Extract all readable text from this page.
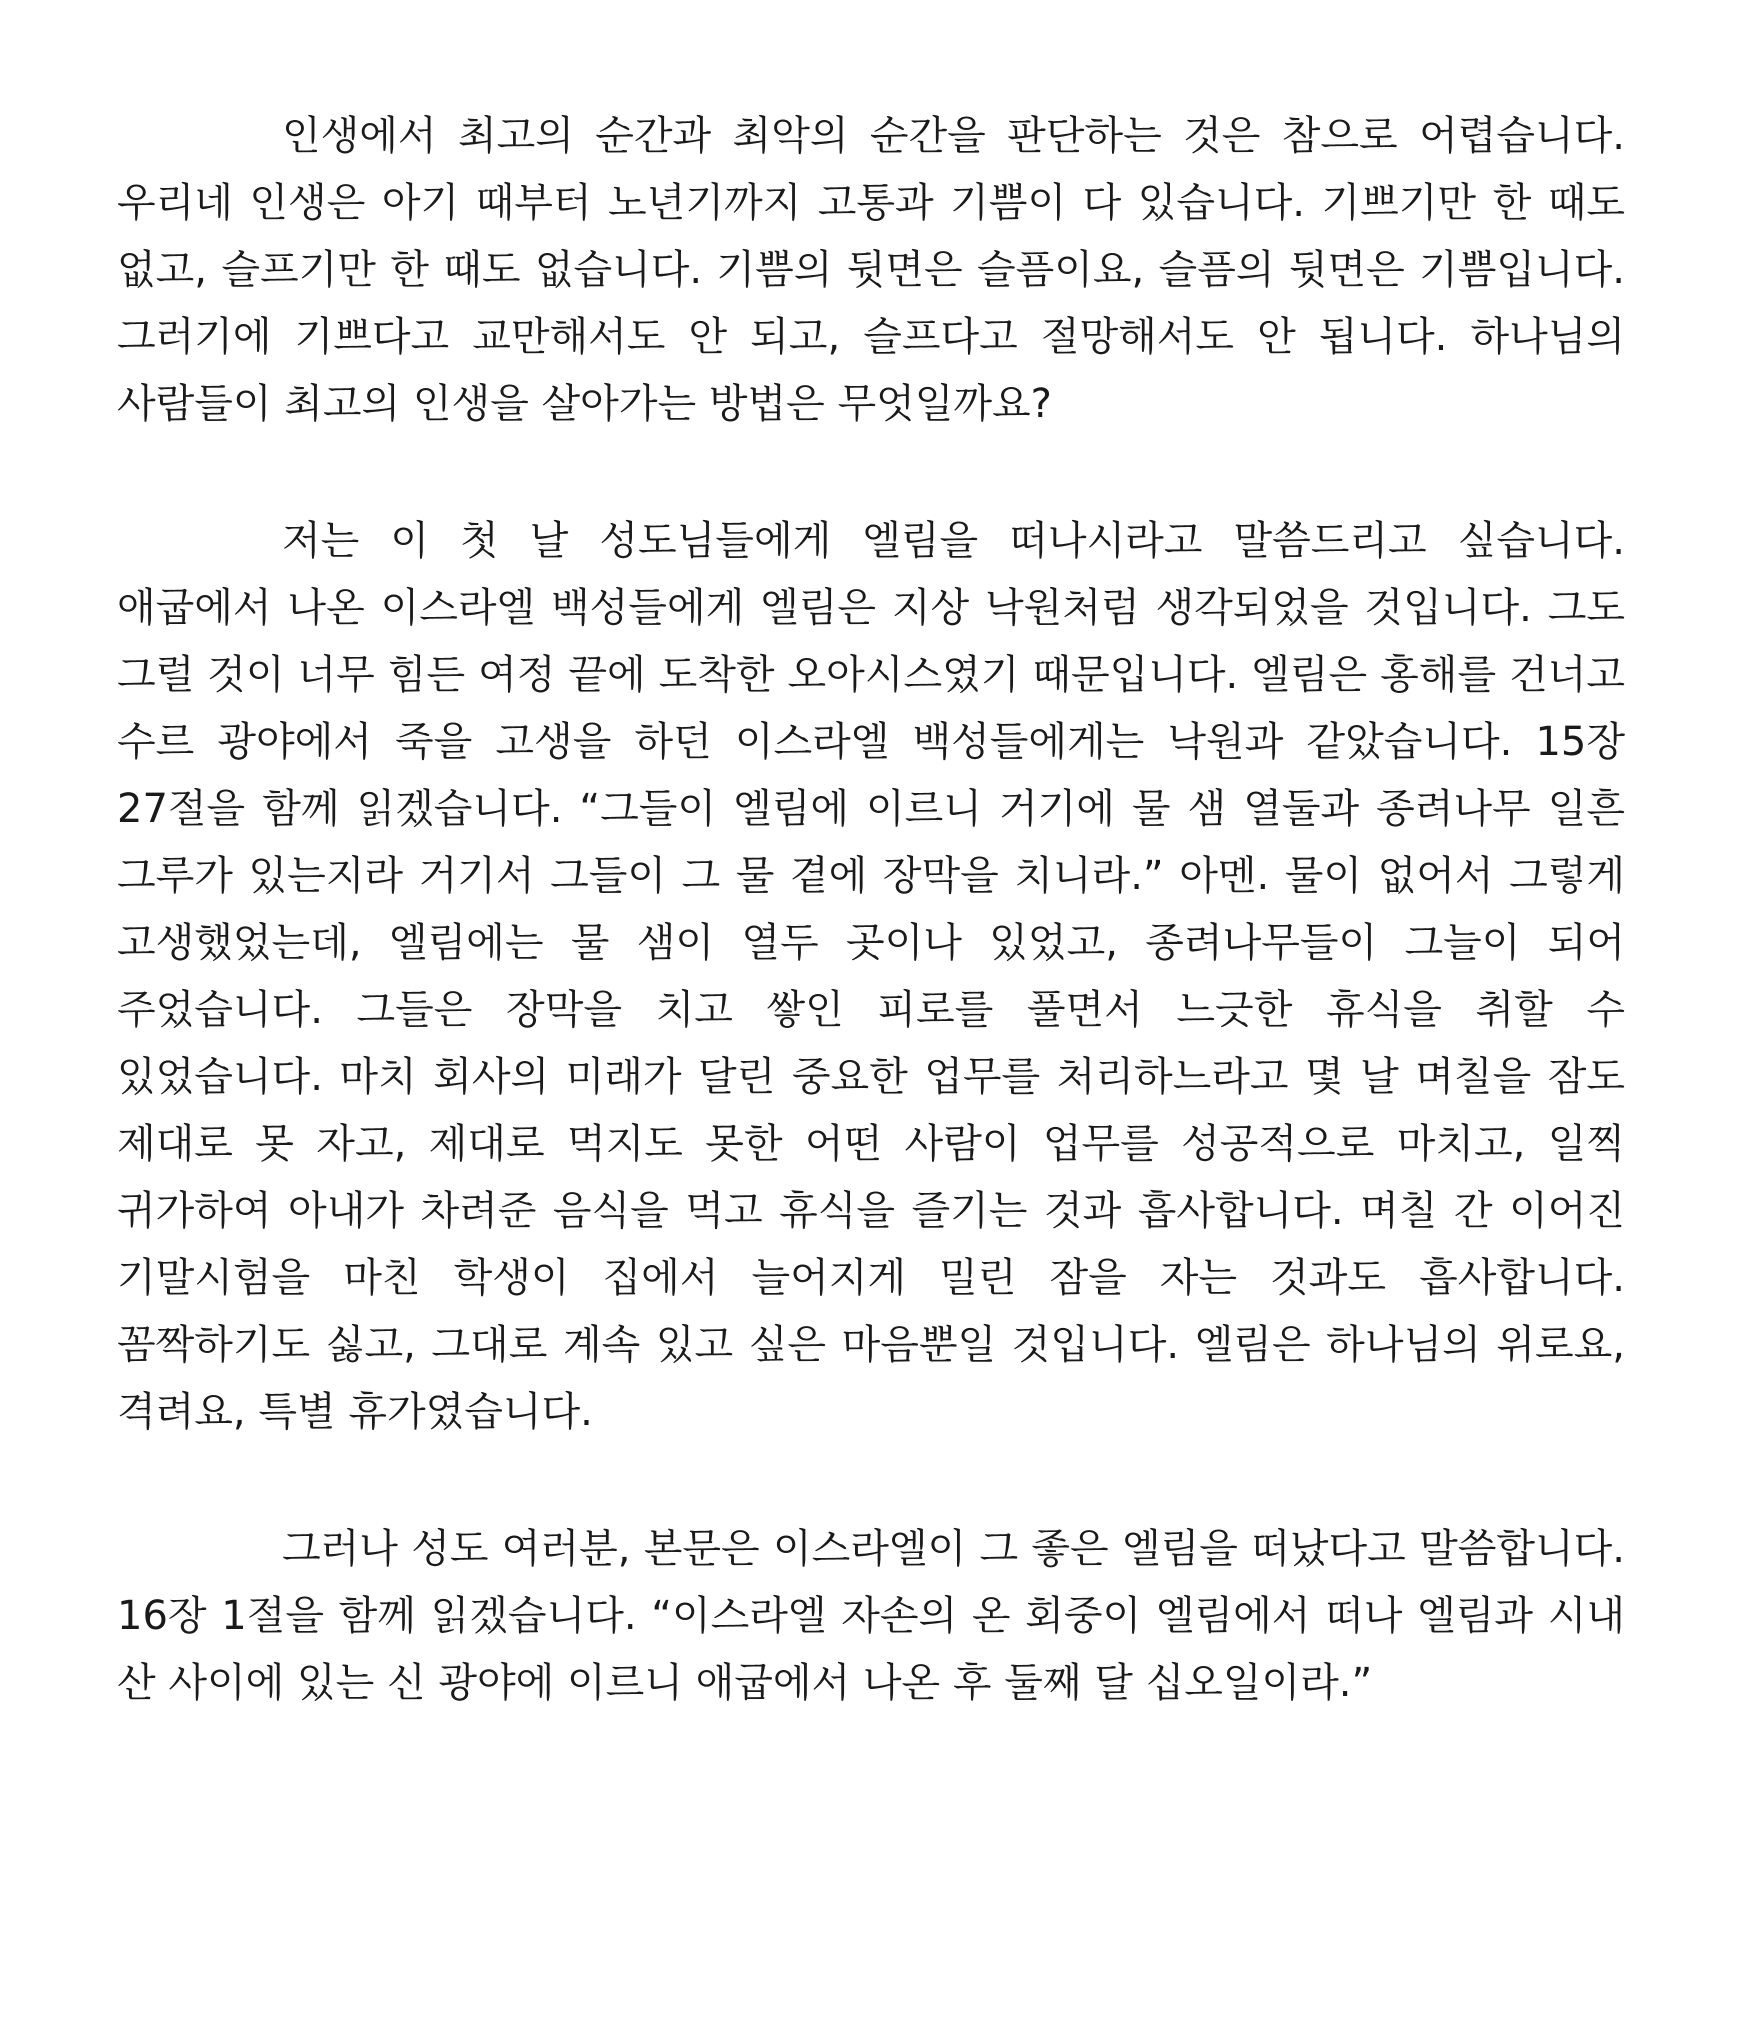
인생에서 최고의 순간과 최악의 순간을 판단하는 것은 참으로 어렵습니다. 우리네 인생은 아기 때부터 노년기까지 고통과 기쁨이 다 있습니다. 기쁘기만 한 때도 없고, 슬프기만 한 때도 없습니다. 기쁨의 뒷면은 슬픔이요, 슬픔의 뒷면은 기쁨입니다. 그러기에 기쁘다고 교만해서도 안 되고, 슬프다고 절망해서도 안 됩니다. 하나님의 사람들이 최고의 인생을 살아가는 방법은 무엇일까요?

저는 이 첫 날 성도님들에게 엘림을 떠나시라고 말씀드리고 싶습니다. 애굽에서 나온 이스라엘 백성들에게 엘림은 지상 낙원처럼 생각되었을 것입니다. 그도 그럴 것이 너무 힘든 여정 끝에 도착한 오아시스였기 때문입니다. 엘림은 홍해를 건너고 수르 광야에서 죽을 고생을 하던 이스라엘 백성들에게는 낙원과 같았습니다. 15장 27절을 함께 읽겠습니다. “그들이 엘림에 이르니 거기에 물 샘 열둘과 종려나무 일흔 그루가 있는지라 거기서 그들이 그 물 곁에 장막을 치니라.” 아멘. 물이 없어서 그렇게 고생했었는데, 엘림에는 물 샘이 열두 곳이나 있었고, 종려나무들이 그늘이 되어 주었습니다. 그들은 장막을 치고 쌓인 피로를 풀면서 느긋한 휴식을 취할 수 있었습니다. 마치 회사의 미래가 달린 중요한 업무를 처리하느라고 몇 날 며칠을 잠도 제대로 못 자고, 제대로 먹지도 못한 어떤 사람이 업무를 성공적으로 마치고, 일찍 귀가하여 아내가 차려준 음식을 먹고 휴식을 즐기는 것과 흡사합니다. 며칠 간 이어진 기말시험을 마친 학생이 집에서 늘어지게 밀린 잠을 자는 것과도 흡사합니다. 꼼짝하기도 싫고, 그대로 계속 있고 싶은 마음뿐일 것입니다. 엘림은 하나님의 위로요, 격려요, 특별 휴가였습니다.

그러나 성도 여러분, 본문은 이스라엘이 그 좋은 엘림을 떠났다고 말씀합니다. 16장 1절을 함께 읽겠습니다. “이스라엘 자손의 온 회중이 엘림에서 떠나 엘림과 시내 산 사이에 있는 신 광야에 이르니 애굽에서 나온 후 둘째 달 십오일이라.”
